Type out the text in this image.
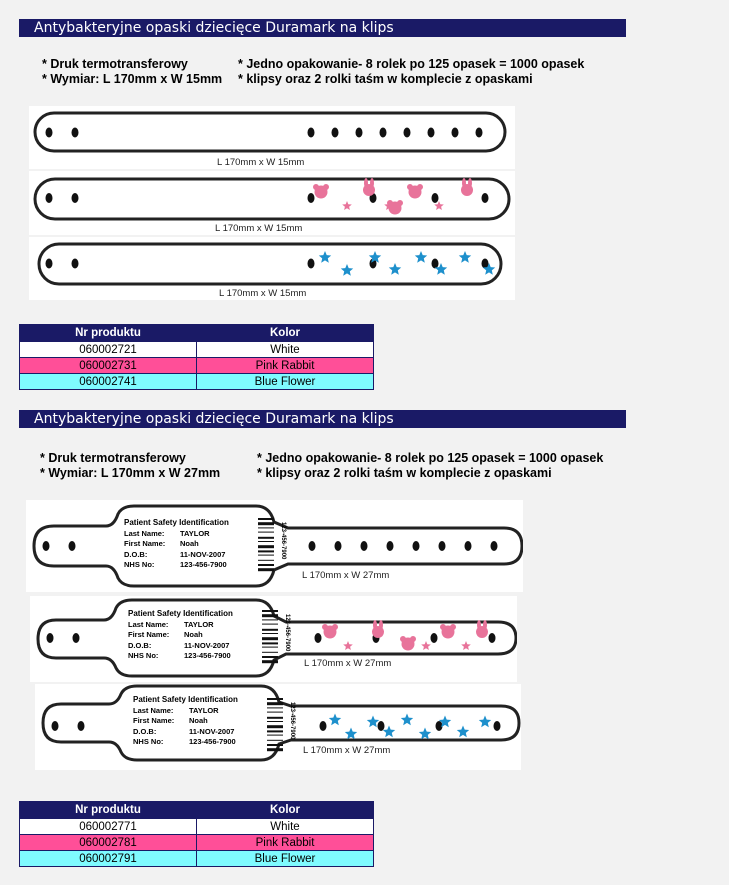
Antybakteryjne opaski dziecięce Duramark na klips
* Druk termotransferowy
* Wymiar: L 170mm x W 15mm
* Jedno opakowanie- 8 rolek po 125 opasek = 1000 opasek
* klipsy oraz 2 rolki taśm w komplecie z opaskami
L 170mm x W 15mm
L 170mm x W 15mm
L 170mm x W 15mm
Nr produktu	Kolor
060002721	White
060002731	Pink Rabbit
060002741	Blue Flower
Antybakteryjne opaski dziecięce Duramark na klips
* Druk termotransferowy
* Wymiar: L 170mm x W 27mm
* Jedno opakowanie- 8 rolek po 125 opasek = 1000 opasek
* klipsy oraz 2 rolki taśm w komplecie z opaskami
123-456-7900
Patient Safety Identification
Last Name: TAYLOR
First Name: Noah
D.O.B:	11-NOV-2007
NHS No:	123-456-7900
L 170mm x W 27mm
123-456-7900
Patient Safety Identification
Last Name: TAYLOR
First Name: Noah
D.O.B:	11-NOV-2007
NHS No:	123-456-7900
L 170mm x W 27mm
123-456-7900
Patient Safety Identification
Last Name: TAYLOR
First Name: Noah
D.O.B:	11-NOV-2007
NHS No:	123-456-7900
L 170mm x W 27mm
Nr produktu	Kolor
060002771	White
060002781	Pink Rabbit
060002791	Blue Flower
